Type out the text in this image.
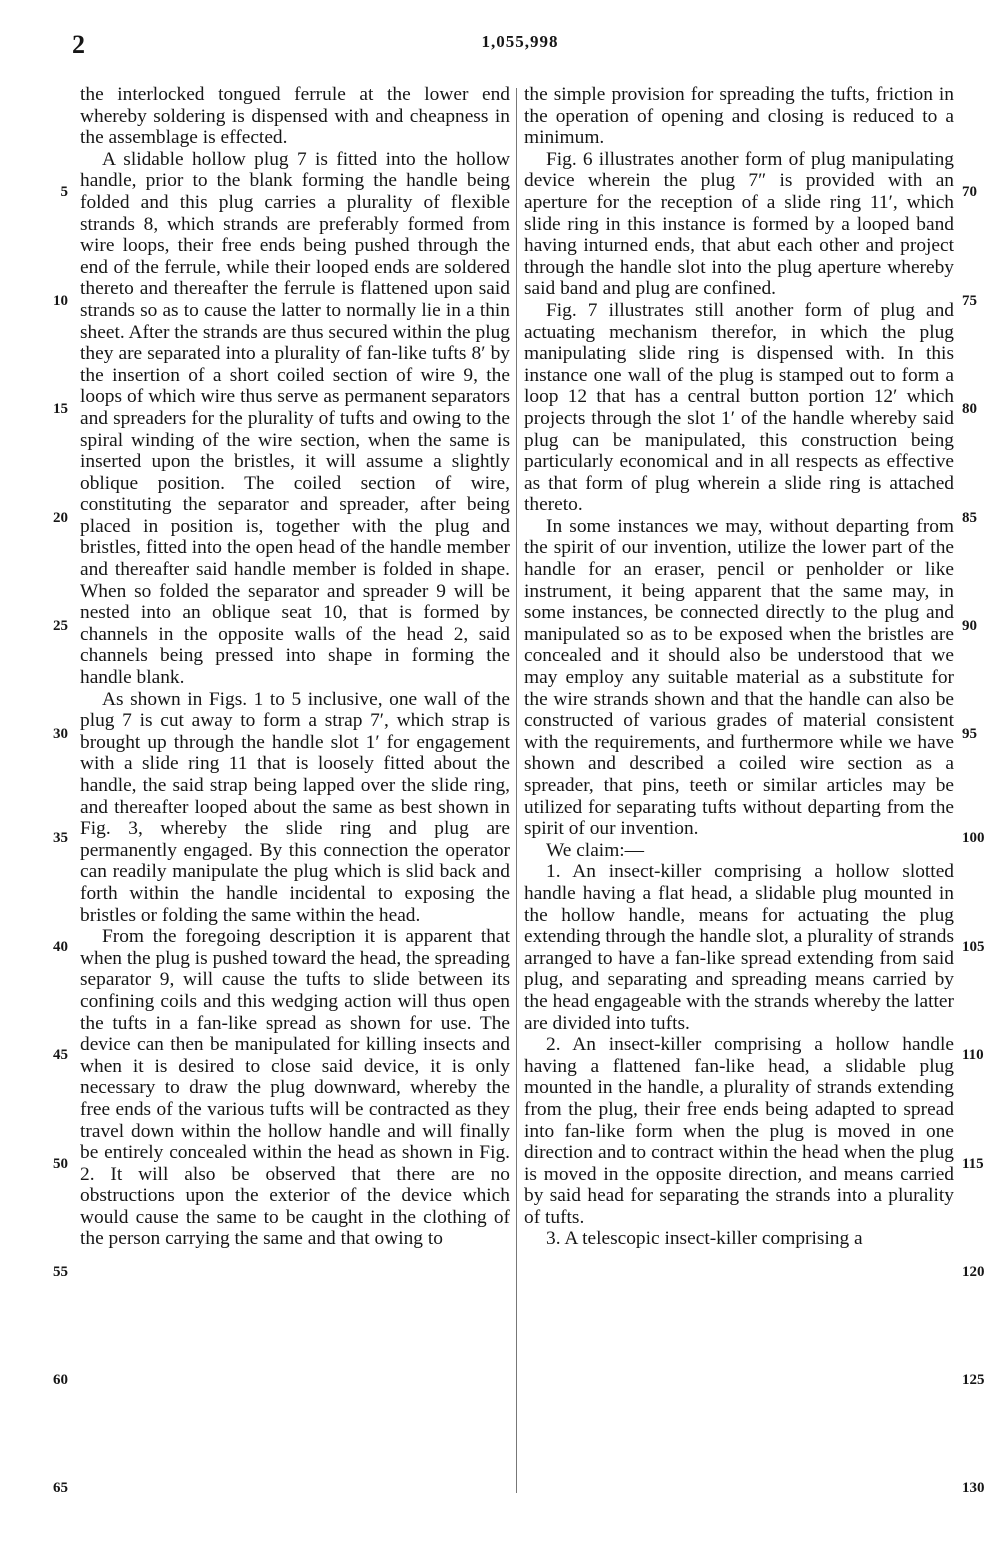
2	1,055,998

the interlocked tongued ferrule at the lower end whereby soldering is dispensed with and cheapness in the assemblage is effected.

A slidable hollow plug 7 is fitted into the hollow handle, prior to the blank forming the handle being folded and this plug carries a plurality of flexible strands 8, which strands are preferably formed from wire loops, their free ends being pushed through the end of the ferrule, while their looped ends are soldered thereto and thereafter the ferrule is flattened upon said strands so as to cause the latter to normally lie in a thin sheet. After the strands are thus secured within the plug they are separated into a plurality of fan-like tufts 8′ by the insertion of a short coiled section of wire 9, the loops of which wire thus serve as permanent separators and spreaders for the plurality of tufts and owing to the spiral winding of the wire section, when the same is inserted upon the bristles, it will assume a slightly oblique position. The coiled section of wire, constituting the separator and spreader, after being placed in position is, together with the plug and bristles, fitted into the open head of the handle member and thereafter said handle member is folded in shape. When so folded the separator and spreader 9 will be nested into an oblique seat 10, that is formed by channels in the opposite walls of the head 2, said channels being pressed into shape in forming the handle blank.

As shown in Figs. 1 to 5 inclusive, one wall of the plug 7 is cut away to form a strap 7′, which strap is brought up through the handle slot 1′ for engagement with a slide ring 11 that is loosely fitted about the handle, the said strap being lapped over the slide ring, and thereafter looped about the same as best shown in Fig. 3, whereby the slide ring and plug are permanently engaged. By this connection the operator can readily manipulate the plug which is slid back and forth within the handle incidental to exposing the bristles or folding the same within the head.

From the foregoing description it is apparent that when the plug is pushed toward the head, the spreading separator 9, will cause the tufts to slide between its confining coils and this wedging action will thus open the tufts in a fan-like spread as shown for use. The device can then be manipulated for killing insects and when it is desired to close said device, it is only necessary to draw the plug downward, whereby the free ends of the various tufts will be contracted as they travel down within the hollow handle and will finally be entirely concealed within the head as shown in Fig. 2. It will also be observed that there are no obstructions upon the exterior of the device which would cause the same to be caught in the clothing of the person carrying the same and that owing to

the simple provision for spreading the tufts, friction in the operation of opening and closing is reduced to a minimum.

Fig. 6 illustrates another form of plug manipulating device wherein the plug 7″ is provided with an aperture for the reception of a slide ring 11′, which slide ring in this instance is formed by a looped band having inturned ends, that abut each other and project through the handle slot into the plug aperture whereby said band and plug are confined.

Fig. 7 illustrates still another form of plug and actuating mechanism therefor, in which the plug manipulating slide ring is dispensed with. In this instance one wall of the plug is stamped out to form a loop 12 that has a central button portion 12′ which projects through the slot 1′ of the handle whereby said plug can be manipulated, this construction being particularly economical and in all respects as effective as that form of plug wherein a slide ring is attached thereto.

In some instances we may, without departing from the spirit of our invention, utilize the lower part of the handle for an eraser, pencil or penholder or like instrument, it being apparent that the same may, in some instances, be connected directly to the plug and manipulated so as to be exposed when the bristles are concealed and it should also be understood that we may employ any suitable material as a substitute for the wire strands shown and that the handle can also be constructed of various grades of material consistent with the requirements, and furthermore while we have shown and described a coiled wire section as a spreader, that pins, teeth or similar articles may be utilized for separating tufts without departing from the spirit of our invention.

We claim:—

1. An insect-killer comprising a hollow slotted handle having a flat head, a slidable plug mounted in the hollow handle, means for actuating the plug extending through the handle slot, a plurality of strands arranged to have a fan-like spread extending from said plug, and separating and spreading means carried by the head engageable with the strands whereby the latter are divided into tufts.

2. An insect-killer comprising a hollow handle having a flattened fan-like head, a slidable plug mounted in the handle, a plurality of strands extending from the plug, their free ends being adapted to spread into fan-like form when the plug is moved in one direction and to contract within the head when the plug is moved in the opposite direction, and means carried by said head for separating the strands into a plurality of tufts.

3. A telescopic insect-killer comprising a

5
10
15
20
25
30
35
40
45
50
55
60
65
70
75
80
85
90
95
100
105
110
115
120
125
130
